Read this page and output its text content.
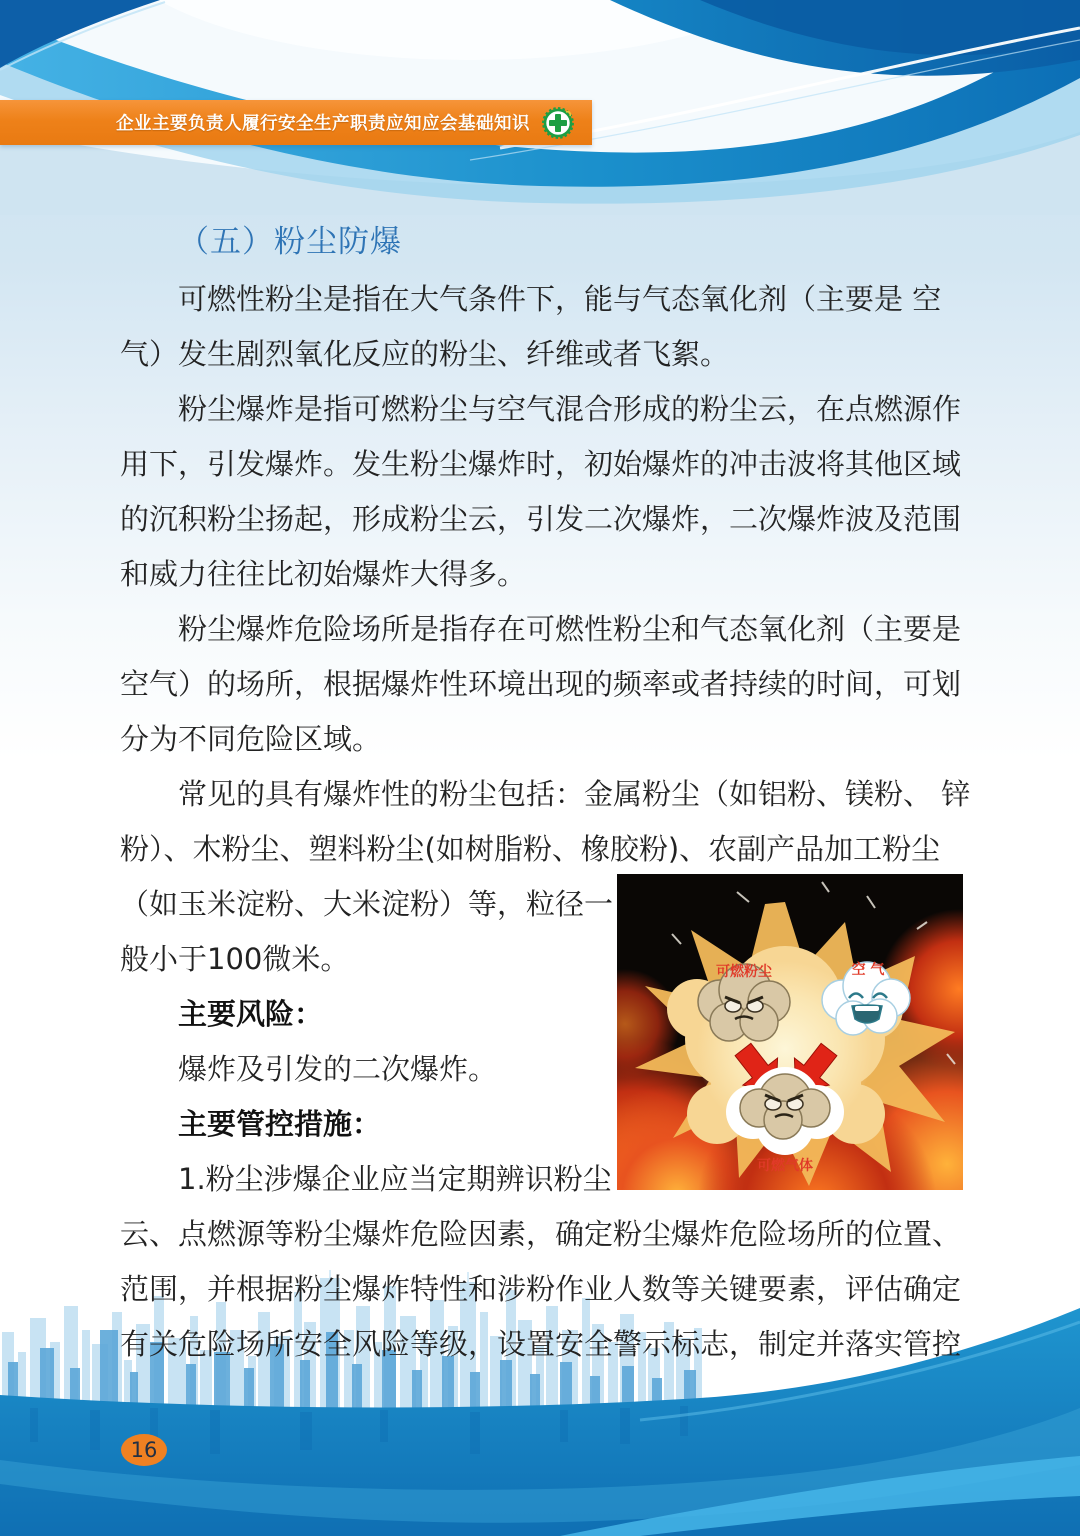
企业主要负责人履行安全生产职责应知应会基础知识
（五）粉尘防爆
可燃性粉尘是指在大气条件下，能与气态氧化剂（主要是 空
气）发生剧烈氧化反应的粉尘、纤维或者飞絮。
粉尘爆炸是指可燃粉尘与空气混合形成的粉尘云，在点燃源作
用下，引发爆炸。发生粉尘爆炸时，初始爆炸的冲击波将其他区域
的沉积粉尘扬起，形成粉尘云，引发二次爆炸，二次爆炸波及范围
和威力往往比初始爆炸大得多。
粉尘爆炸危险场所是指存在可燃性粉尘和气态氧化剂（主要是
空气）的场所，根据爆炸性环境出现的频率或者持续的时间，可划
分为不同危险区域。
常见的具有爆炸性的粉尘包括：金属粉尘（如铝粉、镁粉、 锌
粉）、木粉尘、塑料粉尘(如树脂粉、橡胶粉)、农副产品加工粉尘
（如玉米淀粉、大米淀粉）等，粒径一
般小于100微米。
主要风险：
爆炸及引发的二次爆炸。
主要管控措施：
1.粉尘涉爆企业应当定期辨识粉尘
云、点燃源等粉尘爆炸危险因素，确定粉尘爆炸危险场所的位置、
范围，并根据粉尘爆炸特性和涉粉作业人数等关键要素，评估确定
有关危险场所安全风险等级，设置安全警示标志，制定并落实管控
可燃粉尘	空 气
可燃气体
16
